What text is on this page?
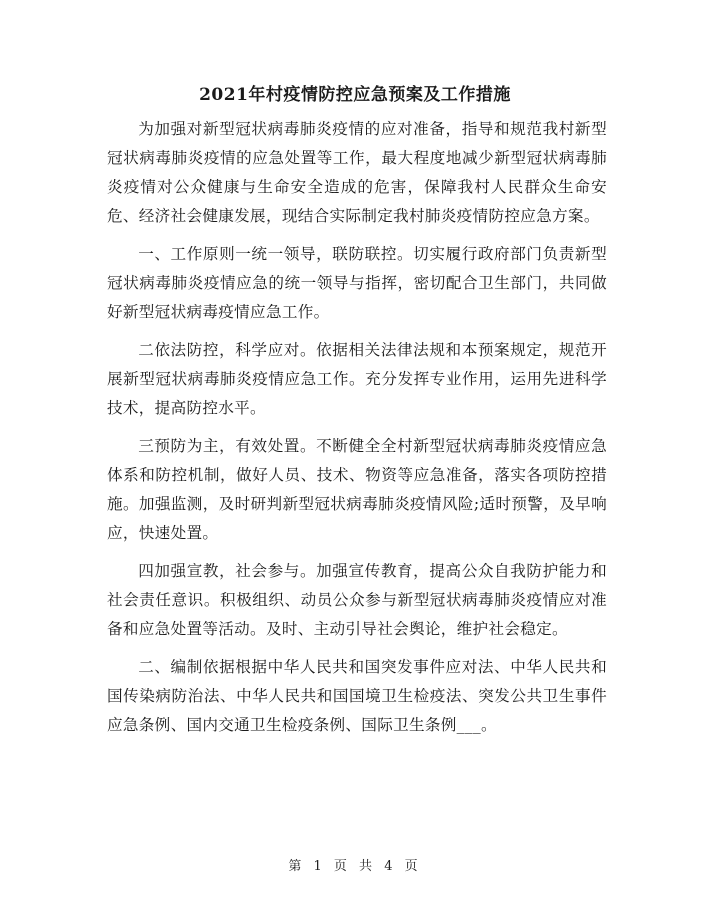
2021年村疫情防控应急预案及工作措施

为加强对新型冠状病毒肺炎疫情的应对准备，指导和规范我村新型冠状病毒肺炎疫情的应急处置等工作，最大程度地减少新型冠状病毒肺炎疫情对公众健康与生命安全造成的危害，保障我村人民群众生命安危、经济社会健康发展，现结合实际制定我村肺炎疫情防控应急方案。

一、工作原则一统一领导，联防联控。切实履行政府部门负责新型冠状病毒肺炎疫情应急的统一领导与指挥，密切配合卫生部门，共同做好新型冠状病毒疫情应急工作。

二依法防控，科学应对。依据相关法律法规和本预案规定，规范开展新型冠状病毒肺炎疫情应急工作。充分发挥专业作用，运用先进科学技术，提高防控水平。

三预防为主，有效处置。不断健全全村新型冠状病毒肺炎疫情应急体系和防控机制，做好人员、技术、物资等应急准备，落实各项防控措施。加强监测，及时研判新型冠状病毒肺炎疫情风险;适时预警，及早响应，快速处置。

四加强宣教，社会参与。加强宣传教育，提高公众自我防护能力和社会责任意识。积极组织、动员公众参与新型冠状病毒肺炎疫情应对准备和应急处置等活动。及时、主动引导社会舆论，维护社会稳定。

二、编制依据根据中华人民共和国突发事件应对法、中华人民共和国传染病防治法、中华人民共和国国境卫生检疫法、突发公共卫生事件应急条例、国内交通卫生检疫条例、国际卫生条例___。

第 1 页 共 4 页
